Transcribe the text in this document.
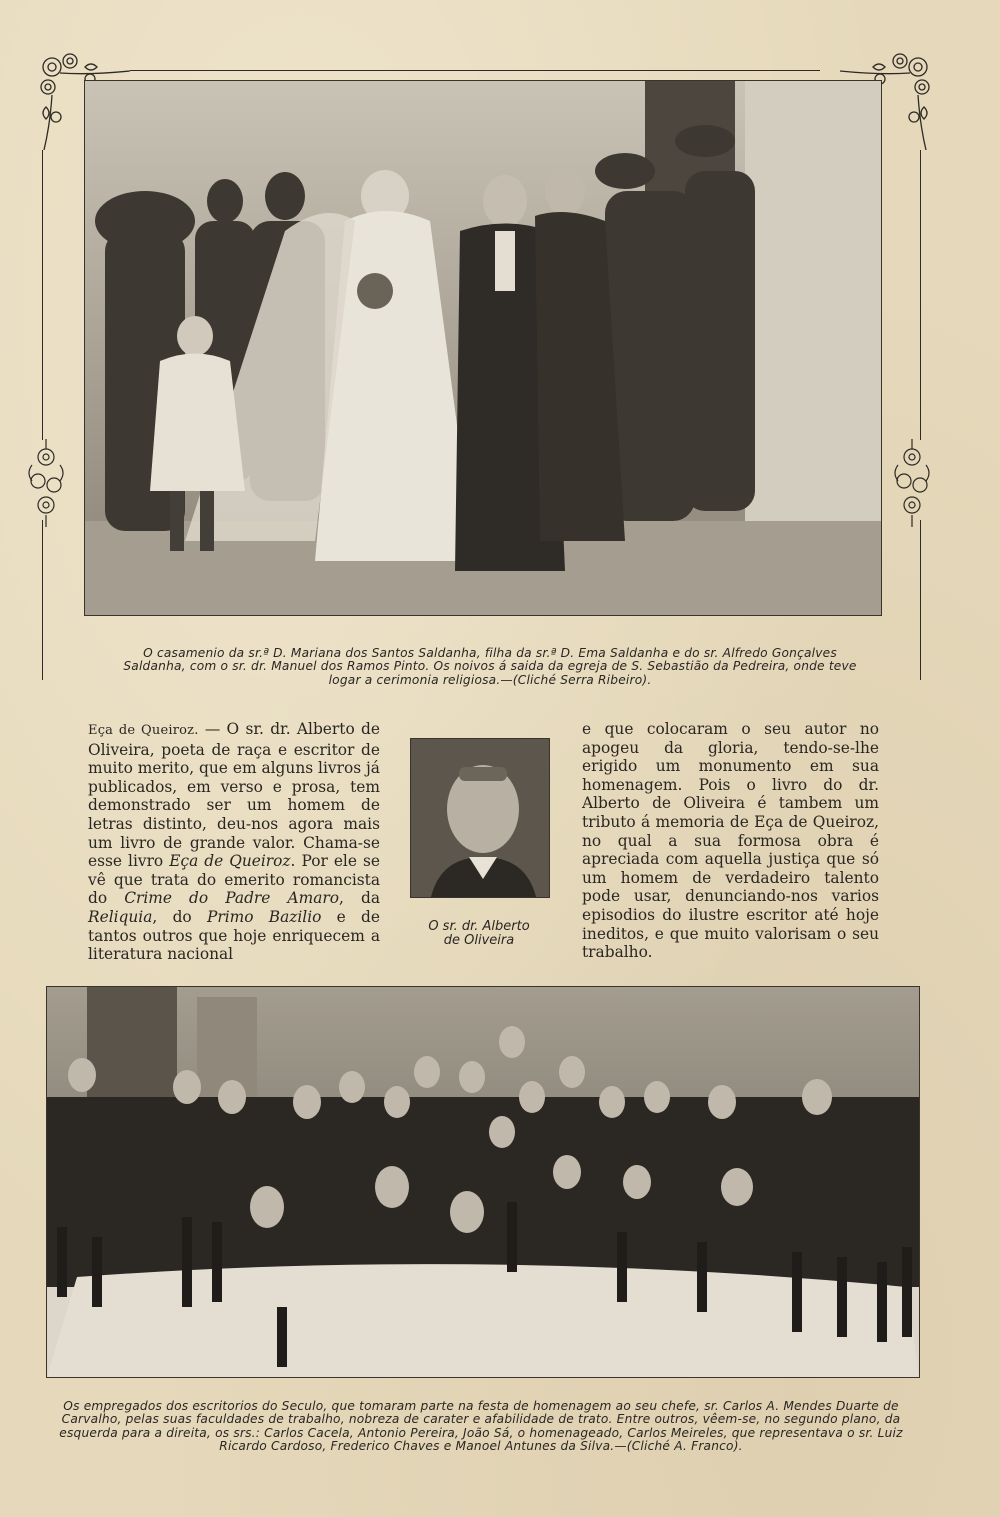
O casamenio da sr.ª D. Mariana dos Santos Saldanha, filha da sr.ª D. Ema Saldanha e do sr. Alfredo Gonçalves Saldanha, com o sr. dr. Manuel dos Ramos Pinto. Os noivos á saida da egreja de S. Sebastião da Pedreira, onde teve logar a cerimonia religiosa.—(Cliché Serra Ribeiro).

Eça de Queiroz. — O sr. dr. Alberto de Oliveira, poeta de raça e escritor de muito merito, que em alguns livros já publicados, em verso e prosa, tem demonstrado ser um homem de letras distinto, deu-nos agora mais um livro de grande valor. Chama-se esse livro Eça de Queiroz. Por ele se vê que trata do emerito romancista do Crime do Padre Amaro, da Reliquia, do Primo Bazilio e de tantos outros que hoje enriquecem a literatura nacional

O sr. dr. Alberto
de Oliveira

e que colocaram o seu autor no apogeu da gloria, tendo-se-lhe erigido um monumento em sua homenagem. Pois o livro do dr. Alberto de Oliveira é tambem um tributo á memoria de Eça de Queiroz, no qual a sua formosa obra é apreciada com aquella justiça que só um homem de verdadeiro talento pode usar, denunciando-nos varios episodios do ilustre escritor até hoje ineditos, e que muito valorisam o seu trabalho.

Os empregados dos escritorios do Seculo, que tomaram parte na festa de homenagem ao seu chefe, sr. Carlos A. Mendes Duarte de Carvalho, pelas suas faculdades de trabalho, nobreza de carater e afabilidade de trato. Entre outros, vêem-se, no segundo plano, da esquerda para a direita, os srs.: Carlos Cacela, Antonio Pereira, João Sá, o homenageado, Carlos Meireles, que representava o sr. Luiz Ricardo Cardoso, Frederico Chaves e Manoel Antunes da Silva.—(Cliché A. Franco).
